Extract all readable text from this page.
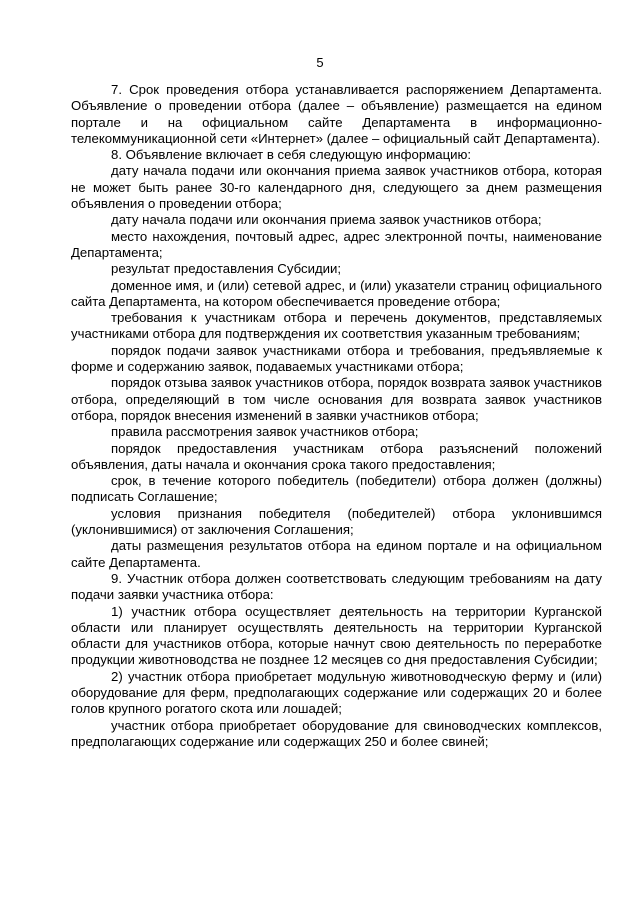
5

7. Срок проведения отбора устанавливается распоряжением Департамента. Объявление о проведении отбора (далее – объявление) размещается на едином портале и на официальном сайте Департамента в информационно-телекоммуникационной сети «Интернет» (далее – официальный сайт Департамента).

8. Объявление включает в себя следующую информацию:

дату начала подачи или окончания приема заявок участников отбора, которая не может быть ранее 30-го календарного дня, следующего за днем размещения объявления о проведении отбора;

дату начала подачи или окончания приема заявок участников отбора;

место нахождения, почтовый адрес, адрес электронной почты, наименование Департамента;

результат предоставления Субсидии;

доменное имя, и (или) сетевой адрес, и (или) указатели страниц официального сайта Департамента, на котором обеспечивается проведение отбора;

требования к участникам отбора и перечень документов, представляемых участниками отбора для подтверждения их соответствия указанным требованиям;

порядок подачи заявок участниками отбора и требования, предъявляемые к форме и содержанию заявок, подаваемых участниками отбора;

порядок отзыва заявок участников отбора, порядок возврата заявок участников отбора, определяющий в том числе основания для возврата заявок участников отбора, порядок внесения изменений в заявки участников отбора;

правила рассмотрения заявок участников отбора;

порядок предоставления участникам отбора разъяснений положений объявления, даты начала и окончания срока такого предоставления;

срок, в течение которого победитель (победители) отбора должен (должны) подписать Соглашение;

условия признания победителя (победителей) отбора уклонившимся (уклонившимися) от заключения Соглашения;

даты размещения результатов отбора на едином портале и на официальном сайте Департамента.

9. Участник отбора должен соответствовать следующим требованиям на дату подачи заявки участника отбора:

1) участник отбора осуществляет деятельность на территории Курганской области или планирует осуществлять деятельность на территории Курганской области для участников отбора, которые начнут свою деятельность по переработке продукции животноводства не позднее 12 месяцев со дня предоставления Субсидии;

2) участник отбора приобретает модульную животноводческую ферму и (или) оборудование для ферм, предполагающих содержание или содержащих 20 и более голов крупного рогатого скота или лошадей;

участник отбора приобретает оборудование для свиноводческих комплексов, предполагающих содержание или содержащих 250 и более свиней;
